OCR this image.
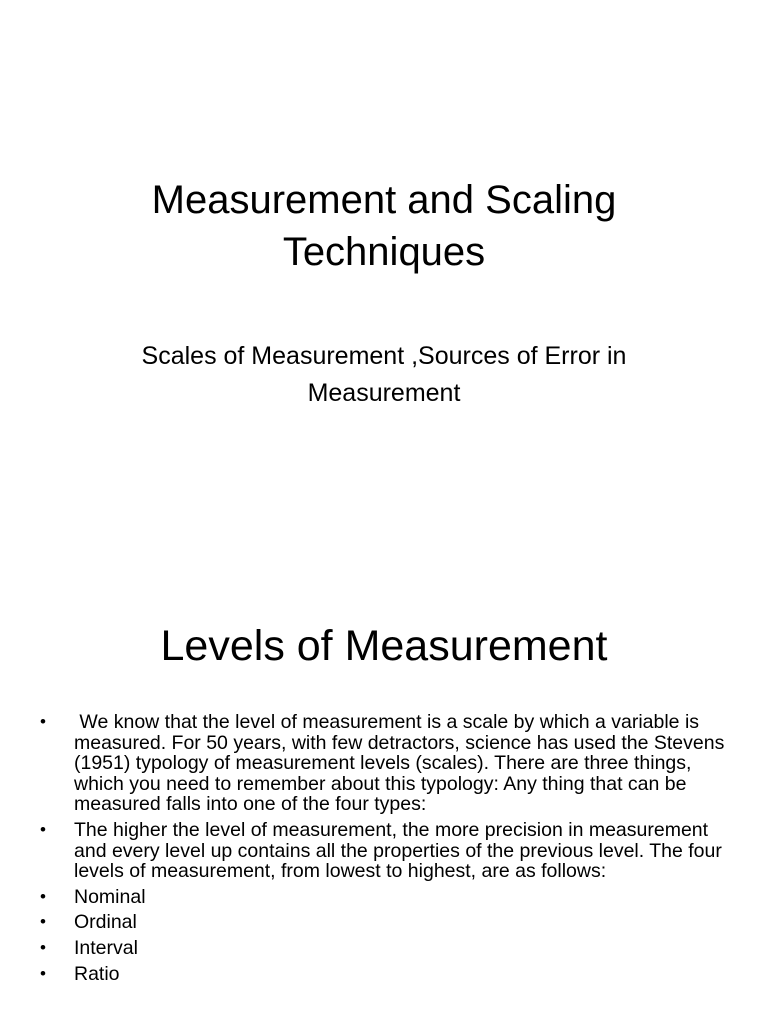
Measurement and Scaling
Techniques

Scales of Measurement ,Sources of Error in
Measurement

Levels of Measurement
• We know that the level of measurement is a scale by which a variable is measured. For 50 years, with few detractors, science has used the Stevens (1951) typology of measurement levels (scales). There are three things, which you need to remember about this typology: Any thing that can be measured falls into one of the four types:
• The higher the level of measurement, the more precision in measurement and every level up contains all the properties of the previous level. The four levels of measurement, from lowest to highest, are as follows:
• Nominal
• Ordinal
• Interval
• Ratio
